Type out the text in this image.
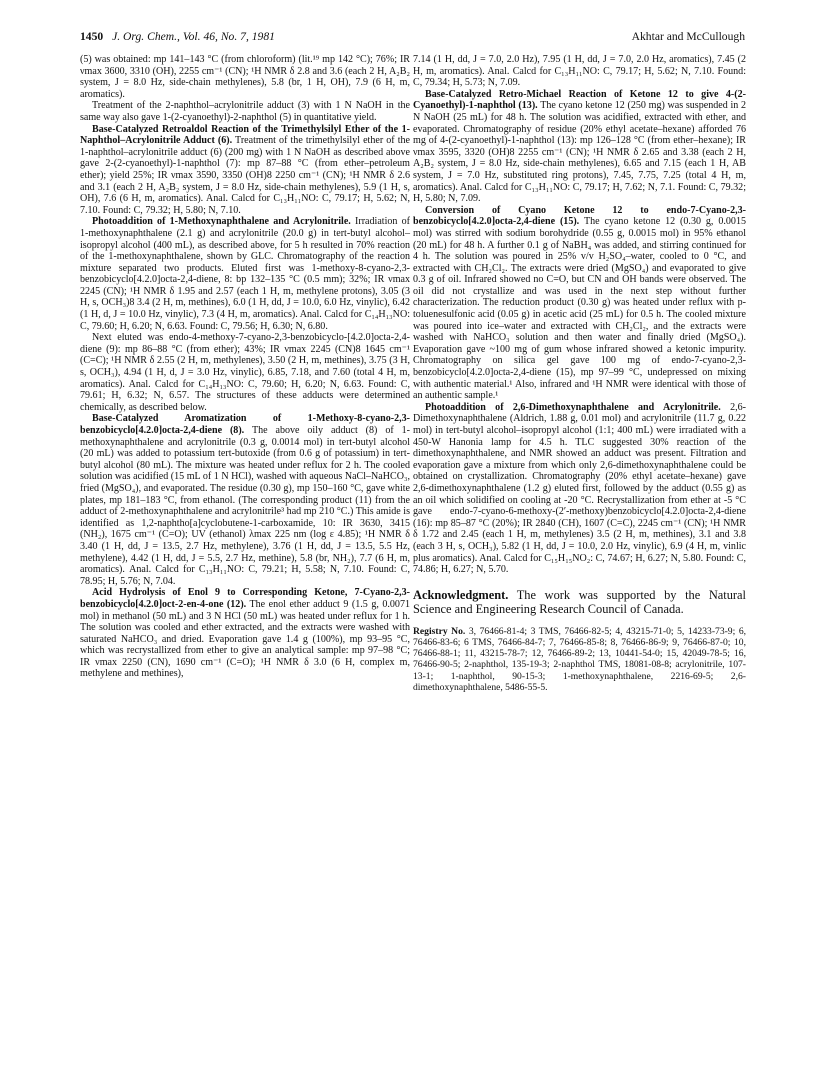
1450 J. Org. Chem., Vol. 46, No. 7, 1981	Akhtar and McCullough

(5) was obtained: mp 141–143 °C (from chloroform) (lit.¹⁹ mp 142 °C); 76%; IR νmax 3600, 3310 (OH), 2255 cm⁻¹ (CN); ¹H NMR δ 2.8 and 3.6 (each 2 H, A₂B₂ system, J = 8.0 Hz, side-chain methylenes), 5.8 (br, 1 H, OH), 7.9 (6 H, m, aromatics).

Treatment of the 2-naphthol–acrylonitrile adduct (3) with 1 N NaOH in the same way also gave 1-(2-cyanoethyl)-2-naphthol (5) in quantitative yield.

Base-Catalyzed Retroaldol Reaction of the Trimethylsilyl Ether of the 1-Naphthol–Acrylonitrile Adduct (6). Treatment of the trimethylsilyl ether of the 1-naphthol–acrylonitrile adduct (6) (200 mg) with 1 N NaOH as described above gave 2-(2-cyanoethyl)-1-naphthol (7): mp 87–88 °C (from ether–petroleum ether); yield 25%; IR νmax 3590, 3350 (OH)8 2250 cm⁻¹ (CN); ¹H NMR δ 2.6 and 3.1 (each 2 H, A₂B₂ system, J = 8.0 Hz, side-chain methylenes), 5.9 (1 H, s, OH), 7.6 (6 H, m, aromatics). Anal. Calcd for C₁₃H₁₁NO: C, 79.17; H, 5.62; N, 7.10. Found: C, 79.32; H, 5.80; N, 7.10.

Photoaddition of 1-Methoxynaphthalene and Acrylonitrile. Irradiation of 1-methoxynaphthalene (2.1 g) and acrylonitrile (20.0 g) in tert-butyl alcohol–isopropyl alcohol (400 mL), as described above, for 5 h resulted in 70% reaction of the 1-methoxynaphthalene, shown by GLC. Chromatography of the reaction mixture separated two products. Eluted first was 1-methoxy-8-cyano-2,3-benzobicyclo[4.2.0]octa-2,4-diene, 8: bp 132–135 °C (0.5 mm); 32%; IR νmax 2245 (CN); ¹H NMR δ 1.95 and 2.57 (each 1 H, m, methylene protons), 3.05 (3 H, s, OCH₃)8 3.4 (2 H, m, methines), 6.0 (1 H, dd, J = 10.0, 6.0 Hz, vinylic), 6.42 (1 H, d, J = 10.0 Hz, vinylic), 7.3 (4 H, m, aromatics). Anal. Calcd for C₁₄H₁₃NO: C, 79.60; H, 6.20; N, 6.63. Found: C, 79.56; H, 6.30; N, 6.80.

Next eluted was endo-4-methoxy-7-cyano-2,3-benzobicyclo-[4.2.0]octa-2,4-diene (9): mp 86–88 °C (from ether); 43%; IR νmax 2245 (CN)8 1645 cm⁻¹ (C=C); ¹H NMR δ 2.55 (2 H, m, methylenes), 3.50 (2 H, m, methines), 3.75 (3 H, s, OCH₃), 4.94 (1 H, d, J = 3.0 Hz, vinylic), 6.85, 7.18, and 7.60 (total 4 H, m, aromatics). Anal. Calcd for C₁₄H₁₃NO: C, 79.60; H, 6.20; N, 6.63. Found: C, 79.61; H, 6.32; N, 6.57. The structures of these adducts were determined chemically, as described below.

Base-Catalyzed Aromatization of 1-Methoxy-8-cyano-2,3-benzobicyclo[4.2.0]octa-2,4-diene (8). The above oily adduct (8) of 1-methoxynaphthalene and acrylonitrile (0.3 g, 0.0014 mol) in tert-butyl alcohol (20 mL) was added to potassium tert-butoxide (from 0.6 g of potassium) in tert-butyl alcohol (80 mL). The mixture was heated under reflux for 2 h. The cooled solution was acidified (15 mL of 1 N HCl), washed with aqueous NaCl–NaHCO₃, fried (MgSO₄), and evaporated. The residue (0.30 g), mp 150–160 °C, gave white plates, mp 181–183 °C, from ethanol. (The corresponding product (11) from the adduct of 2-methoxynaphthalene and acrylonitrile³ had mp 210 °C.) This amide is identified as 1,2-naphtho[a]cyclobutene-1-carboxamide, 10: IR 3630, 3415 (NH₂), 1675 cm⁻¹ (C=O); UV (ethanol) λmax 225 nm (log ε 4.85); ¹H NMR δ 3.40 (1 H, dd, J = 13.5, 2.7 Hz, methylene), 3.76 (1 H, dd, J = 13.5, 5.5 Hz, methylene), 4.42 (1 H, dd, J = 5.5, 2.7 Hz, methine), 5.8 (br, NH₂), 7.7 (6 H, m, aromatics). Anal. Calcd for C₁₃H₁₁NO: C, 79.21; H, 5.58; N, 7.10. Found: C, 78.95; H, 5.76; N, 7.04.

Acid Hydrolysis of Enol 9 to Corresponding Ketone, 7-Cyano-2,3-benzobicyclo[4.2.0]oct-2-en-4-one (12). The enol ether adduct 9 (1.5 g, 0.0071 mol) in methanol (50 mL) and 3 N HCl (50 mL) was heated under reflux for 1 h. The solution was cooled and ether extracted, and the extracts were washed with saturated NaHCO₃ and dried. Evaporation gave 1.4 g (100%), mp 93–95 °C, which was recrystallized from ether to give an analytical sample: mp 97–98 °C; IR νmax 2250 (CN), 1690 cm⁻¹ (C=O); ¹H NMR δ 3.0 (6 H, complex m, methylene and methines),

7.14 (1 H, dd, J = 7.0, 2.0 Hz), 7.95 (1 H, dd, J = 7.0, 2.0 Hz, aromatics), 7.45 (2 H, m, aromatics). Anal. Calcd for C₁₃H₁₁NO: C, 79.17; H, 5.62; N, 7.10. Found: C, 79.34; H, 5.73; N, 7.09.

Base-Catalyzed Retro-Michael Reaction of Ketone 12 to give 4-(2-Cyanoethyl)-1-naphthol (13). The cyano ketone 12 (250 mg) was suspended in 2 N NaOH (25 mL) for 48 h. The solution was acidified, extracted with ether, and evaporated. Chromatography of residue (20% ethyl acetate–hexane) afforded 76 mg of 4-(2-cyanoethyl)-1-naphthol (13): mp 126–128 °C (from ether–hexane); IR νmax 3595, 3320 (OH)8 2255 cm⁻¹ (CN); ¹H NMR δ 2.65 and 3.38 (each 2 H, A₂B₂ system, J = 8.0 Hz, side-chain methylenes), 6.65 and 7.15 (each 1 H, AB system, J = 7.0 Hz, substituted ring protons), 7.45, 7.75, 7.25 (total 4 H, m, aromatics). Anal. Calcd for C₁₃H₁₁NO: C, 79.17; H, 7.62; N, 7.1. Found: C, 79.32; H, 5.80; N, 7.09.

Conversion of Cyano Ketone 12 to endo-7-Cyano-2,3-benzobicyclo[4.2.0]octa-2,4-diene (15). The cyano ketone 12 (0.30 g, 0.0015 mol) was stirred with sodium borohydride (0.55 g, 0.0015 mol) in 95% ethanol (20 mL) for 48 h. A further 0.1 g of NaBH₄ was added, and stirring continued for 4 h. The solution was poured in 25% v/v H₂SO₄–water, cooled to 0 °C, and extracted with CH₂Cl₂. The extracts were dried (MgSO₄) and evaporated to give 0.3 g of oil. Infrared showed no C=O, but CN and OH bands were observed. The oil did not crystallize and was used in the next step without further characterization. The reduction product (0.30 g) was heated under reflux with p-toluenesulfonic acid (0.05 g) in acetic acid (25 mL) for 0.5 h. The cooled mixture was poured into ice–water and extracted with CH₂Cl₂, and the extracts were washed with NaHCO₃ solution and then water and finally dried (MgSO₄). Evaporation gave ~100 mg of gum whose infrared showed a ketonic impurity. Chromatography on silica gel gave 100 mg of endo-7-cyano-2,3-benzobicyclo[4.2.0]octa-2,4-diene (15), mp 97–99 °C, undepressed on mixing with authentic material.¹ Also, infrared and ¹H NMR were identical with those of an authentic sample.¹

Photoaddition of 2,6-Dimethoxynaphthalene and Acrylonitrile. 2,6-Dimethoxynaphthalene (Aldrich, 1.88 g, 0.01 mol) and acrylonitrile (11.7 g, 0.22 mol) in tert-butyl alcohol–isopropyl alcohol (1:1; 400 mL) were irradiated with a 450-W Hanonia lamp for 4.5 h. TLC suggested 30% reaction of the dimethoxynaphthalene, and NMR showed an adduct was present. Filtration and evaporation gave a mixture from which only 2,6-dimethoxynaphthalene could be obtained on crystallization. Chromatography (20% ethyl acetate–hexane) gave 2,6-dimethoxynaphthalene (1.2 g) eluted first, followed by the adduct (0.55 g) as an oil which solidified on cooling at -20 °C. Recrystallization from ether at -5 °C gave endo-7-cyano-6-methoxy-(2′-methoxy)benzobicyclo[4.2.0]octa-2,4-diene (16): mp 85–87 °C (20%); IR 2840 (CH), 1607 (C=C), 2245 cm⁻¹ (CN); ¹H NMR δ 1.72 and 2.45 (each 1 H, m, methylenes) 3.5 (2 H, m, methines), 3.1 and 3.8 (each 3 H, s, OCH₃), 5.82 (1 H, dd, J = 10.0, 2.0 Hz, vinylic), 6.9 (4 H, m, vinlic plus aromatics). Anal. Calcd for C₁₅H₁₅NO₂: C, 74.67; H, 6.27; N, 5.80. Found: C, 74.86; H, 6.27; N, 5.70.

Acknowledgment. The work was supported by the Natural Science and Engineering Research Council of Canada.

Registry No. 3, 76466-81-4; 3 TMS, 76466-82-5; 4, 43215-71-0; 5, 14233-73-9; 6, 76466-83-6; 6 TMS, 76466-84-7; 7, 76466-85-8; 8, 76466-86-9; 9, 76466-87-0; 10, 76466-88-1; 11, 43215-78-7; 12, 76466-89-2; 13, 10441-54-0; 15, 42049-78-5; 16, 76466-90-5; 2-naphthol, 135-19-3; 2-naphthol TMS, 18081-08-8; acrylonitrile, 107-13-1; 1-naphthol, 90-15-3; 1-methoxynaphthalene, 2216-69-5; 2,6-dimethoxynaphthalene, 5486-55-5.
